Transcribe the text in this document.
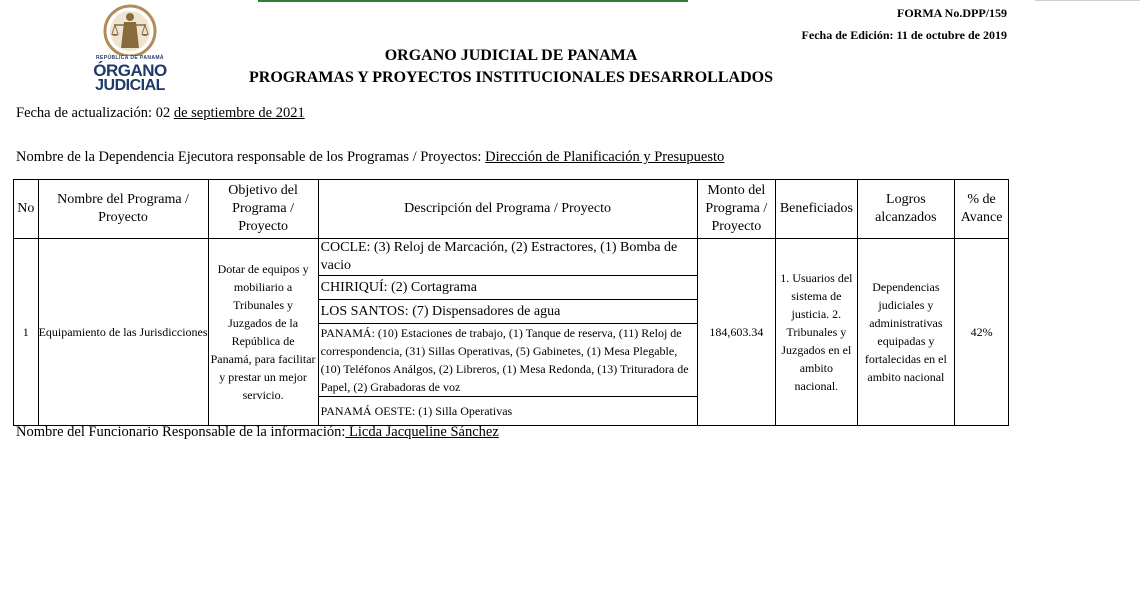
REPÚBLICA DE PANAMÁ
ÓRGANO
JUDICIAL
FORMA No.DPP/159
Fecha de Edición: 11 de octubre de 2019
ORGANO JUDICIAL DE PANAMA
PROGRAMAS Y PROYECTOS INSTITUCIONALES DESARROLLADOS
Fecha de actualización: 02 de septiembre de 2021
Nombre de la Dependencia Ejecutora responsable de los Programas / Proyectos: Dirección de Planificación y Presupuesto
No	Nombre del Programa / Proyecto	Objetivo del Programa / Proyecto	Descripción del Programa / Proyecto	Monto del Programa / Proyecto	Beneficiados	Logros alcanzados	% de Avance
1	Equipamiento de las Jurisdicciones	Dotar de equipos y mobiliario a Tribunales y Juzgados de la República de Panamá, para facilitar y prestar un mejor servicio.	COCLE: (3) Reloj de Marcación, (2) Estractores, (1) Bomba de vacio	184,603.34	1. Usuarios del sistema de justicia. 2. Tribunales y Juzgados en el ambito nacional.	Dependencias judiciales y administrativas equipadas y fortalecidas en el ambito nacional	42%
			CHIRIQUÍ: (2) Cortagrama				
			LOS SANTOS: (7) Dispensadores de agua				
			PANAMÁ: (10) Estaciones de trabajo, (1) Tanque de reserva, (11) Reloj de correspondencia, (31) Sillas Operativas, (5) Gabinetes, (1) Mesa Plegable, (10) Teléfonos Análgos, (2) Libreros, (1) Mesa Redonda, (13) Trituradora de Papel, (2) Grabadoras de voz				
			PANAMÁ OESTE: (1) Silla Operativas				
Nombre del Funcionario Responsable de la información: Licda Jacqueline Sánchez
